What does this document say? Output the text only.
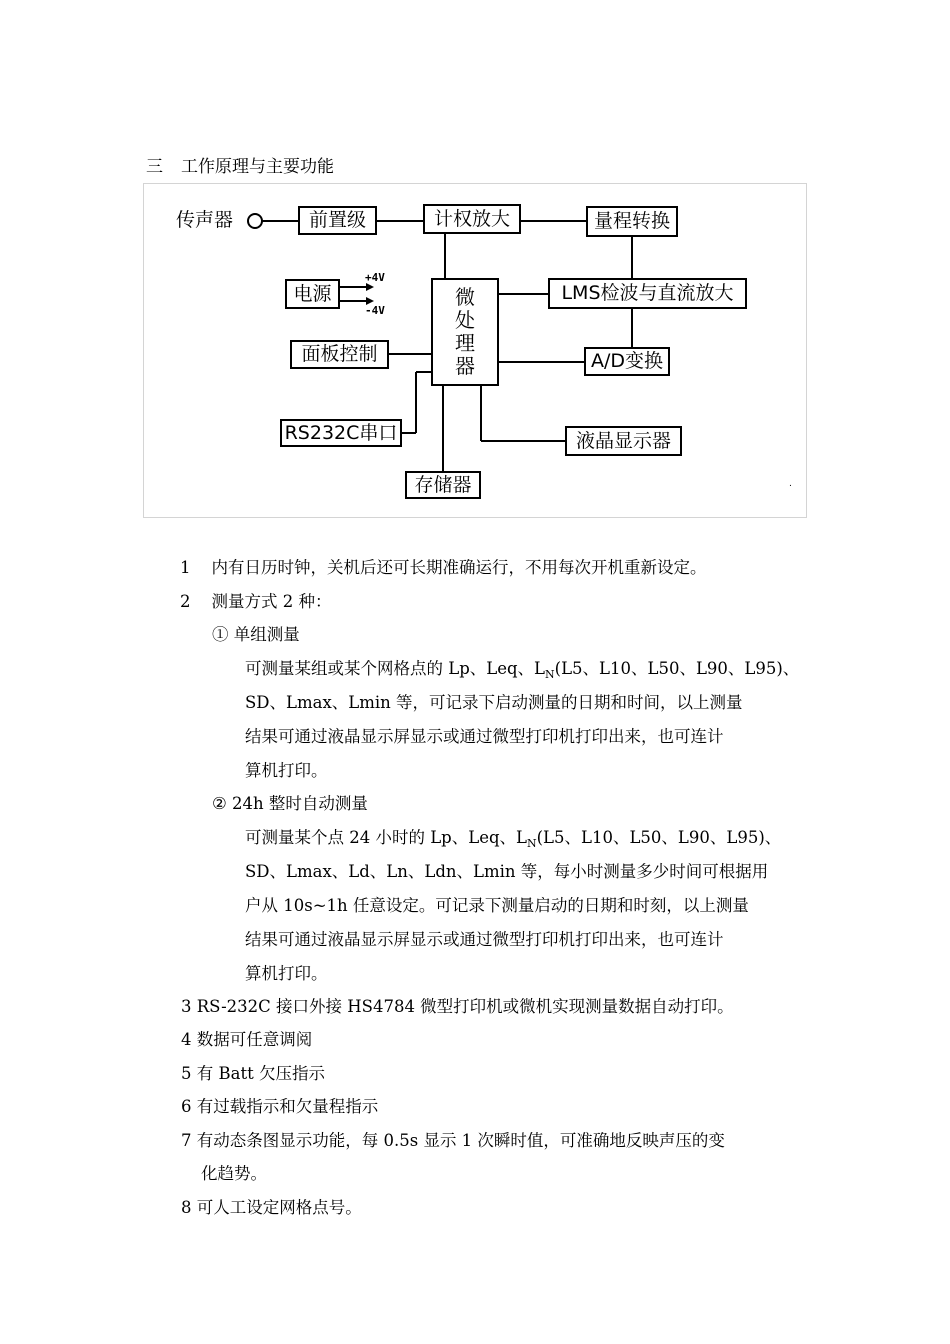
三 工作原理与主要功能
传声器	前置级	计权放大	量程转换
电源
+4V
-4V
微
处
理
器
LMS检波与直流放大
面板控制	A/D变换
RS232C串口	液晶显示器
存储器	.
1 内有日历时钟，关机后还可长期准确运行，不用每次开机重新设定。
2 测量方式 2 种：
① 单组测量
可测量某组或某个网格点的 Lp、Leq、$L_N(L5$、L10、L50、L90、L95)、
SD、Lmax、Lmin 等，可记录下启动测量的日期和时间，以上测量
结果可通过液晶显示屏显示或通过微型打印机打印出来，也可连计
算机打印。
② 24h 整时自动测量
可测量某个点 24 小时的 Lp、Leq、$L_N(L5$、L10、L50、L90、L95)、
SD、Lmax、Ld、Ln、Ldn、Lmin 等，每小时测量多少时间可根据用
户从 10s~1h 任意设定。可记录下测量启动的日期和时刻，以上测量
结果可通过液晶显示屏显示或通过微型打印机打印出来，也可连计
算机打印。
3 RS-232C 接口外接 HS4784 微型打印机或微机实现测量数据自动打印。
4 数据可任意调阅
5 有 Batt 欠压指示
6 有过载指示和欠量程指示
7 有动态条图显示功能，每 0.5s 显示 1 次瞬时值，可准确地反映声压的变
化趋势。
8 可人工设定网格点号。
